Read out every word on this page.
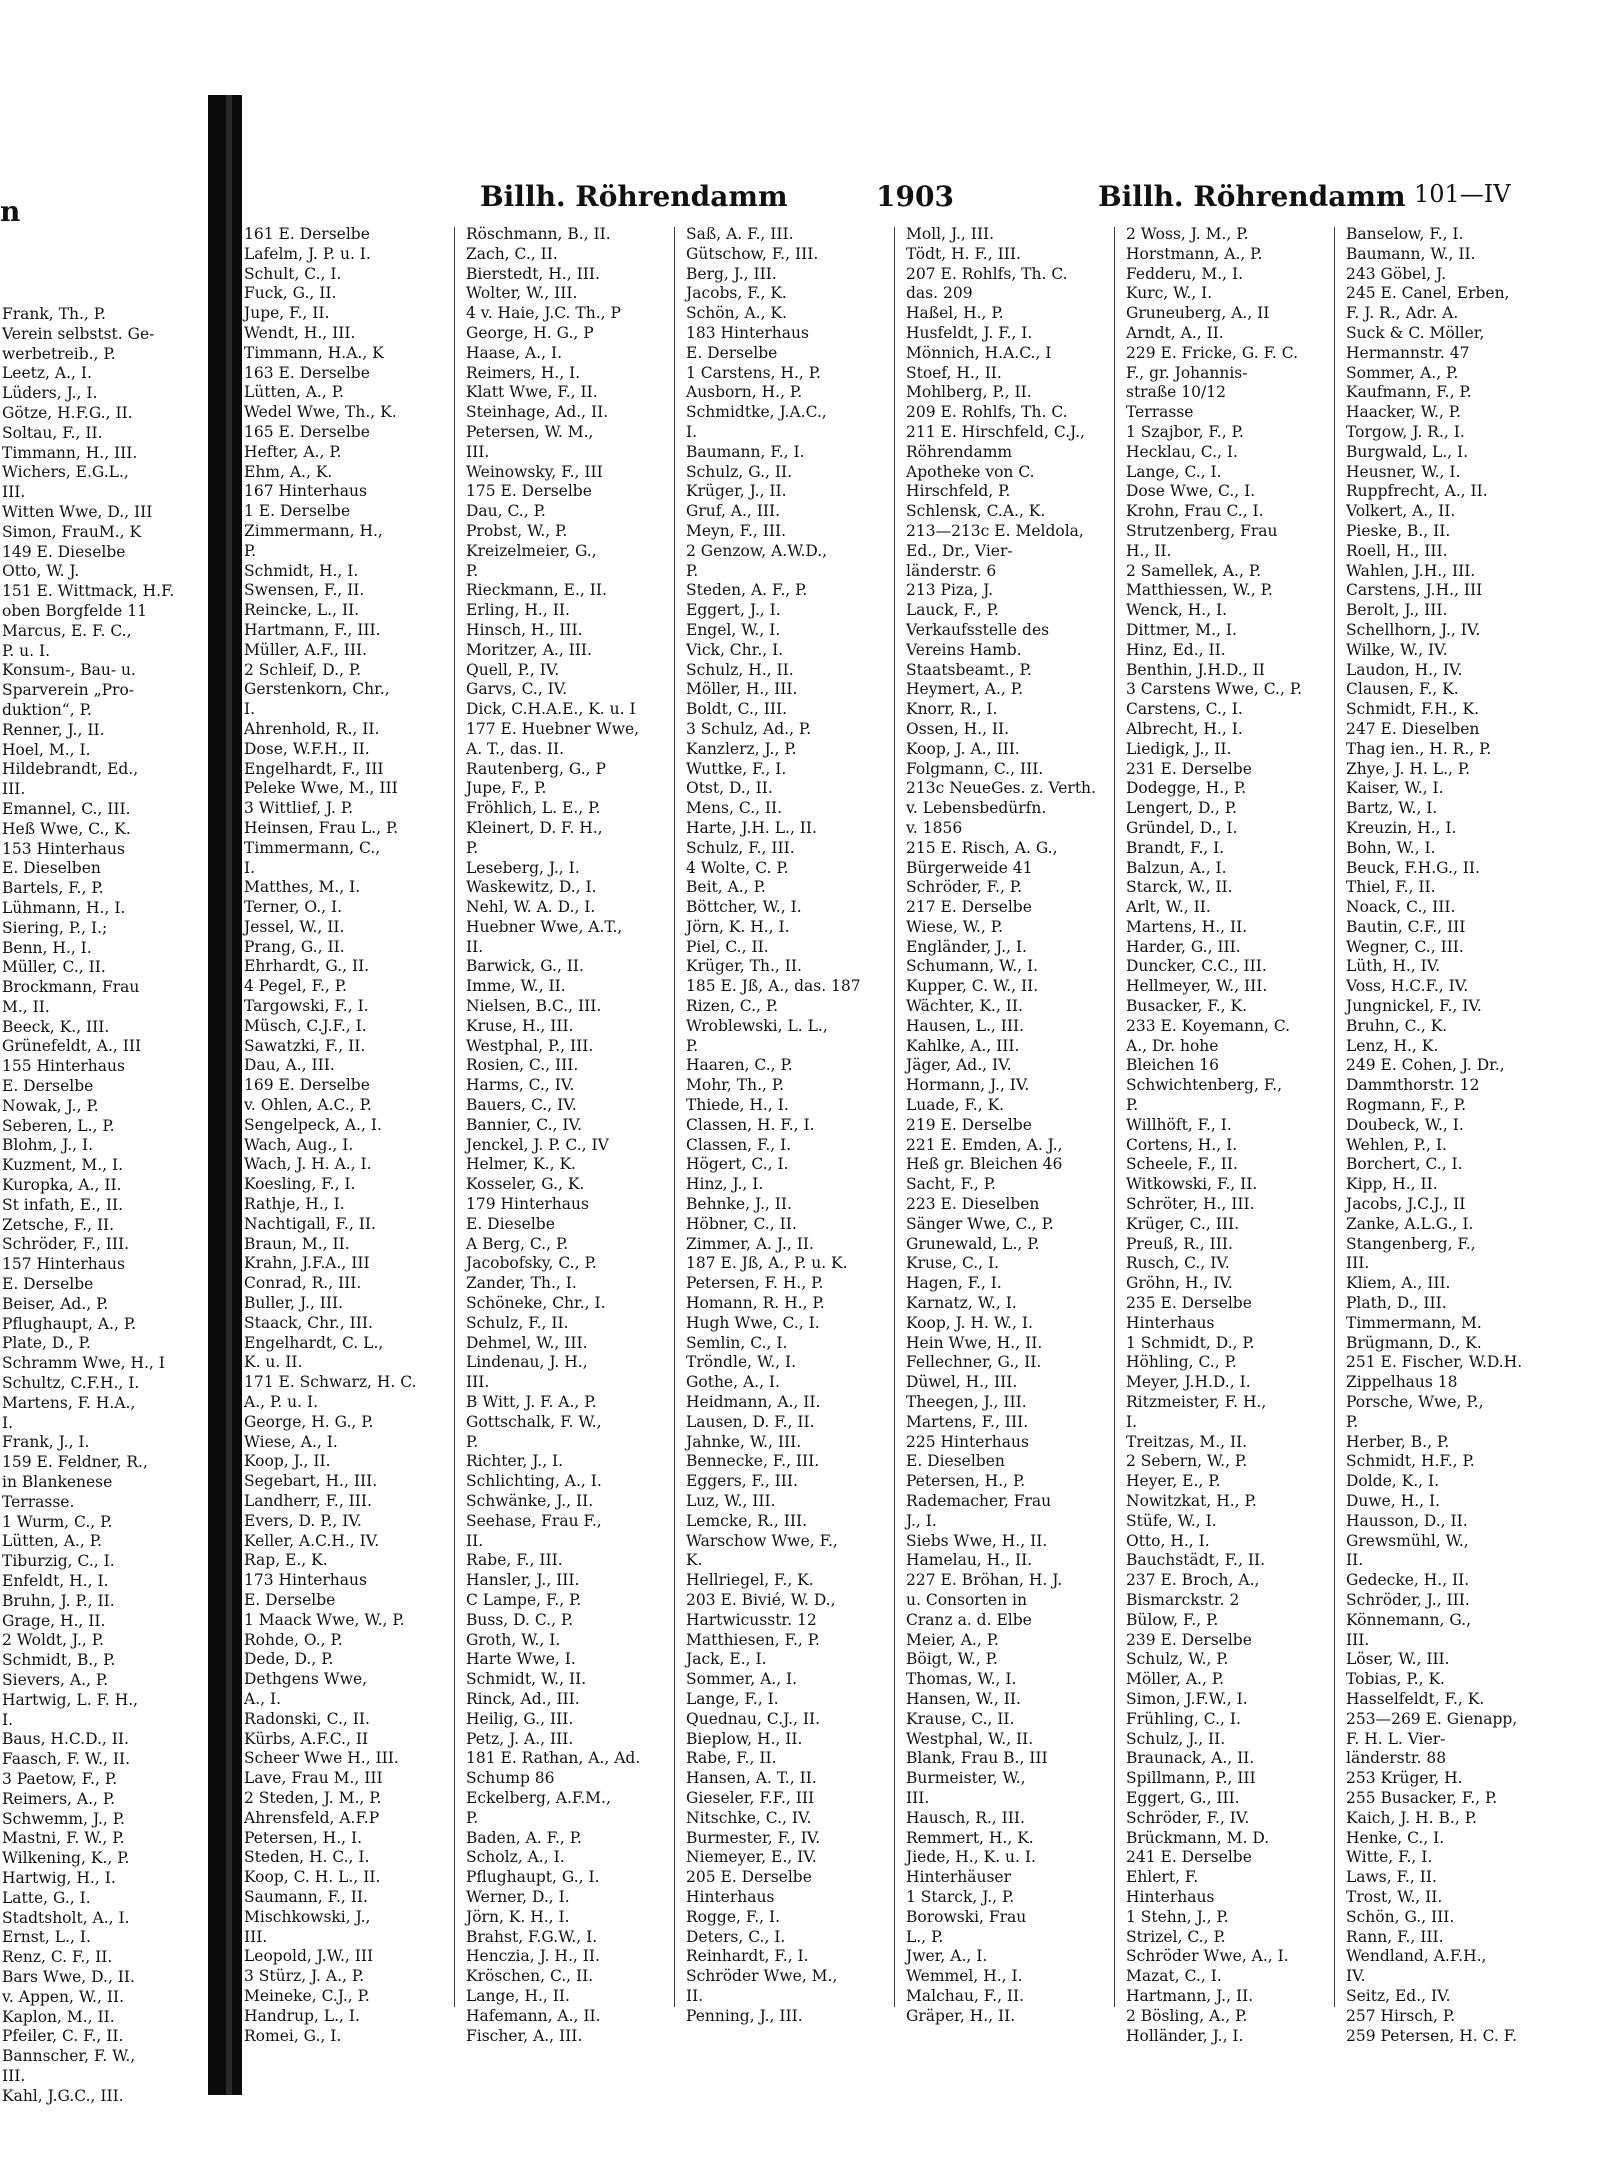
n
Frank, Th., P.
Verein selbstst. Ge-
werbetreib., P.
Leetz, A., I.
Lüders, J., I.
Götze, H.F.G., II.
Soltau, F., II.
Timmann, H., III.
Wichers, E.G.L.,
III.
Witten Wwe, D., III
Simon, FrauM., K
149 E. Dieselbe
Otto, W. J.
151 E. Wittmack, H.F.
oben Borgfelde 11
Marcus, E. F. C.,
P. u. I.
Konsum-, Bau- u.
Sparverein „Pro-
duktion“, P.
Renner, J., II.
Hoel, M., I.
Hildebrandt, Ed.,
III.
Emannel, C., III.
Heß Wwe, C., K.
153 Hinterhaus
E. Dieselben
Bartels, F., P.
Lühmann, H., I.
Siering, P., I.;
Benn, H., I.
Müller, C., II.
Brockmann, Frau
M., II.
Beeck, K., III.
Grünefeldt, A., III
155 Hinterhaus
E. Derselbe
Nowak, J., P.
Seberen, L., P.
Blohm, J., I.
Kuzment, M., I.
Kuropka, A., II.
St infath, E., II.
Zetsche, F., II.
Schröder, F., III.
157 Hinterhaus
E. Derselbe
Beiser, Ad., P.
Pflughaupt, A., P.
Plate, D., P.
Schramm Wwe, H., I
Schultz, C.F.H., I.
Martens, F. H.A.,
I.
Frank, J., I.
159 E. Feldner, R.,
in Blankenese
Terrasse.
1 Wurm, C., P.
Lütten, A., P.
Tiburzig, C., I.
Enfeldt, H., I.
Bruhn, J. P., II.
Grage, H., II.
2 Woldt, J., P.
Schmidt, B., P.
Sievers, A., P.
Hartwig, L. F. H.,
I.
Baus, H.C.D., II.
Faasch, F. W., II.
3 Paetow, F., P.
Reimers, A., P.
Schwemm, J., P.
Mastni, F. W., P.
Wilkening, K., P.
Hartwig, H., I.
Latte, G., I.
Stadtsholt, A., I.
Ernst, L., I.
Renz, C. F., II.
Bars Wwe, D., II.
v. Appen, W., II.
Kaplon, M., II.
Pfeiler, C. F., II.
Bannscher, F. W.,
III.
Kahl, J.G.C., III.
Billh. Röhrendamm	1903	Billh. Röhrendamm 101—IV
161 E. Derselbe
Lafelm, J. P. u. I.
Schult, C., I.
Fuck, G., II.
Jupe, F., II.
Wendt, H., III.
Timmann, H.A., K
163 E. Derselbe
Lütten, A., P.
Wedel Wwe, Th., K.
165 E. Derselbe
Hefter, A., P.
Ehm, A., K.
167 Hinterhaus
1 E. Derselbe
Zimmermann, H.,
P.
Schmidt, H., I.
Swensen, F., II.
Reincke, L., II.
Hartmann, F., III.
Müller, A.F., III.
2 Schleif, D., P.
Gerstenkorn, Chr.,
I.
Ahrenhold, R., II.
Dose, W.F.H., II.
Engelhardt, F., III
Peleke Wwe, M., III
3 Wittlief, J. P.
Heinsen, Frau L., P.
Timmermann, C.,
I.
Matthes, M., I.
Terner, O., I.
Jessel, W., II.
Prang, G., II.
Ehrhardt, G., II.
4 Pegel, F., P.
Targowski, F., I.
Müsch, C.J.F., I.
Sawatzki, F., II.
Dau, A., III.
169 E. Derselbe
v. Ohlen, A.C., P.
Sengelpeck, A., I.
Wach, Aug., I.
Wach, J. H. A., I.
Koesling, F., I.
Rathje, H., I.
Nachtigall, F., II.
Braun, M., II.
Krahn, J.F.A., III
Conrad, R., III.
Buller, J., III.
Staack, Chr., III.
Engelhardt, C. L.,
K. u. II.
171 E. Schwarz, H. C.
A., P. u. I.
George, H. G., P.
Wiese, A., I.
Koop, J., II.
Segebart, H., III.
Landherr, F., III.
Evers, D. P., IV.
Keller, A.C.H., IV.
Rap, E., K.
173 Hinterhaus
E. Derselbe
1 Maack Wwe, W., P.
Rohde, O., P.
Dede, D., P.
Dethgens Wwe,
A., I.
Radonski, C., II.
Kürbs, A.F.C., II
Scheer Wwe H., III.
Lave, Frau M., III
2 Steden, J. M., P.
Ahrensfeld, A.F.P
Petersen, H., I.
Steden, H. C., I.
Koop, C. H. L., II.
Saumann, F., II.
Mischkowski, J.,
III.
Leopold, J.W., III
3 Stürz, J. A., P.
Meineke, C.J., P.
Handrup, L., I.
Romei, G., I.
Röschmann, B., II.
Zach, C., II.
Bierstedt, H., III.
Wolter, W., III.
4 v. Haie, J.C. Th., P
George, H. G., P
Haase, A., I.
Reimers, H., I.
Klatt Wwe, F., II.
Steinhage, Ad., II.
Petersen, W. M.,
III.
Weinowsky, F., III
175 E. Derselbe
Dau, C., P.
Probst, W., P.
Kreizelmeier, G.,
P.
Rieckmann, E., II.
Erling, H., II.
Hinsch, H., III.
Moritzer, A., III.
Quell, P., IV.
Garvs, C., IV.
Dick, C.H.A.E., K. u. I
177 E. Huebner Wwe,
A. T., das. II.
Rautenberg, G., P
Jupe, F., P.
Fröhlich, L. E., P.
Kleinert, D. F. H.,
P.
Leseberg, J., I.
Waskewitz, D., I.
Nehl, W. A. D., I.
Huebner Wwe, A.T.,
II.
Barwick, G., II.
Imme, W., II.
Nielsen, B.C., III.
Kruse, H., III.
Westphal, P., III.
Rosien, C., III.
Harms, C., IV.
Bauers, C., IV.
Bannier, C., IV.
Jenckel, J. P. C., IV
Helmer, K., K.
Kosseler, G., K.
179 Hinterhaus
E. Dieselbe
A Berg, C., P.
Jacobofsky, C., P.
Zander, Th., I.
Schöneke, Chr., I.
Schulz, F., II.
Dehmel, W., III.
Lindenau, J. H.,
III.
B Witt, J. F. A., P.
Gottschalk, F. W.,
P.
Richter, J., I.
Schlichting, A., I.
Schwänke, J., II.
Seehase, Frau F.,
II.
Rabe, F., III.
Hansler, J., III.
C Lampe, F., P.
Buss, D. C., P.
Groth, W., I.
Harte Wwe, I.
Schmidt, W., II.
Rinck, Ad., III.
Heilig, G., III.
Petz, J. A., III.
181 E. Rathan, A., Ad.
Schump 86
Eckelberg, A.F.M.,
P.
Baden, A. F., P.
Scholz, A., I.
Pflughaupt, G., I.
Werner, D., I.
Jörn, K. H., I.
Brahst, F.G.W., I.
Henczia, J. H., II.
Kröschen, C., II.
Lange, H., II.
Hafemann, A., II.
Fischer, A., III.
Saß, A. F., III.
Gütschow, F., III.
Berg, J., III.
Jacobs, F., K.
Schön, A., K.
183 Hinterhaus
E. Derselbe
1 Carstens, H., P.
Ausborn, H., P.
Schmidtke, J.A.C.,
I.
Baumann, F., I.
Schulz, G., II.
Krüger, J., II.
Gruf, A., III.
Meyn, F., III.
2 Genzow, A.W.D.,
P.
Steden, A. F., P.
Eggert, J., I.
Engel, W., I.
Vick, Chr., I.
Schulz, H., II.
Möller, H., III.
Boldt, C., III.
3 Schulz, Ad., P.
Kanzlerz, J., P.
Wuttke, F., I.
Otst, D., II.
Mens, C., II.
Harte, J.H. L., II.
Schulz, F., III.
4 Wolte, C. P.
Beit, A., P.
Böttcher, W., I.
Jörn, K. H., I.
Piel, C., II.
Krüger, Th., II.
185 E. Jß, A., das. 187
Rizen, C., P.
Wroblewski, L. L.,
P.
Haaren, C., P.
Mohr, Th., P.
Thiede, H., I.
Classen, H. F., I.
Classen, F., I.
Högert, C., I.
Hinz, J., I.
Behnke, J., II.
Höbner, C., II.
Zimmer, A. J., II.
187 E. Jß, A., P. u. K.
Petersen, F. H., P.
Homann, R. H., P.
Hugh Wwe, C., I.
Semlin, C., I.
Tröndle, W., I.
Gothe, A., I.
Heidmann, A., II.
Lausen, D. F., II.
Jahnke, W., III.
Bennecke, F., III.
Eggers, F., III.
Luz, W., III.
Lemcke, R., III.
Warschow Wwe, F.,
K.
Hellriegel, F., K.
203 E. Bivié, W. D.,
Hartwicusstr. 12
Matthiesen, F., P.
Jack, E., I.
Sommer, A., I.
Lange, F., I.
Quednau, C.J., II.
Bieplow, H., II.
Rabe, F., II.
Hansen, A. T., II.
Gieseler, F.F., III
Nitschke, C., IV.
Burmester, F., IV.
Niemeyer, E., IV.
205 E. Derselbe
Hinterhaus
Rogge, F., I.
Deters, C., I.
Reinhardt, F., I.
Schröder Wwe, M.,
II.
Penning, J., III.
Moll, J., III.
Tödt, H. F., III.
207 E. Rohlfs, Th. C.
das. 209
Haßel, H., P.
Husfeldt, J. F., I.
Mönnich, H.A.C., I
Stoef, H., II.
Mohlberg, P., II.
209 E. Rohlfs, Th. C.
211 E. Hirschfeld, C.J.,
Röhrendamm
Apotheke von C.
Hirschfeld, P.
Schlensk, C.A., K.
213—213c E. Meldola,
Ed., Dr., Vier-
länderstr. 6
213 Piza, J.
Lauck, F., P.
Verkaufsstelle des
Vereins Hamb.
Staatsbeamt., P.
Heymert, A., P.
Knorr, R., I.
Ossen, H., II.
Koop, J. A., III.
Folgmann, C., III.
213c NeueGes. z. Verth.
v. Lebensbedürfn.
v. 1856
215 E. Risch, A. G.,
Bürgerweide 41
Schröder, F., P.
217 E. Derselbe
Wiese, W., P.
Engländer, J., I.
Schumann, W., I.
Kupper, C. W., II.
Wächter, K., II.
Hausen, L., III.
Kahlke, A., III.
Jäger, Ad., IV.
Hormann, J., IV.
Luade, F., K.
219 E. Derselbe
221 E. Emden, A. J.,
Heß gr. Bleichen 46
Sacht, F., P.
223 E. Dieselben
Sänger Wwe, C., P.
Grunewald, L., P.
Kruse, C., I.
Hagen, F., I.
Karnatz, W., I.
Koop, J. H. W., I.
Hein Wwe, H., II.
Fellechner, G., II.
Düwel, H., III.
Theegen, J., III.
Martens, F., III.
225 Hinterhaus
E. Dieselben
Petersen, H., P.
Rademacher, Frau
J., I.
Siebs Wwe, H., II.
Hamelau, H., II.
227 E. Bröhan, H. J.
u. Consorten in
Cranz a. d. Elbe
Meier, A., P.
Böigt, W., P.
Thomas, W., I.
Hansen, W., II.
Krause, C., II.
Westphal, W., II.
Blank, Frau B., III
Burmeister, W.,
III.
Hausch, R., III.
Remmert, H., K.
Jiede, H., K. u. I.
Hinterhäuser
1 Starck, J., P.
Borowski, Frau
L., P.
Jwer, A., I.
Wemmel, H., I.
Malchau, F., II.
Gräper, H., II.
2 Woss, J. M., P.
Horstmann, A., P.
Fedderu, M., I.
Kurc, W., I.
Gruneuberg, A., II
Arndt, A., II.
229 E. Fricke, G. F. C.
F., gr. Johannis-
straße 10/12
Terrasse
1 Szajbor, F., P.
Hecklau, C., I.
Lange, C., I.
Dose Wwe, C., I.
Krohn, Frau C., I.
Strutzenberg, Frau
H., II.
2 Samellek, A., P.
Matthiessen, W., P.
Wenck, H., I.
Dittmer, M., I.
Hinz, Ed., II.
Benthin, J.H.D., II
3 Carstens Wwe, C., P.
Carstens, C., I.
Albrecht, H., I.
Liedigk, J., II.
231 E. Derselbe
Dodegge, H., P.
Lengert, D., P.
Gründel, D., I.
Brandt, F., I.
Balzun, A., I.
Starck, W., II.
Arlt, W., II.
Martens, H., II.
Harder, G., III.
Duncker, C.C., III.
Hellmeyer, W., III.
Busacker, F., K.
233 E. Koyemann, C.
A., Dr. hohe
Bleichen 16
Schwichtenberg, F.,
P.
Willhöft, F., I.
Cortens, H., I.
Scheele, F., II.
Witkowski, F., II.
Schröter, H., III.
Krüger, C., III.
Preuß, R., III.
Rusch, C., IV.
Gröhn, H., IV.
235 E. Derselbe
Hinterhaus
1 Schmidt, D., P.
Höhling, C., P.
Meyer, J.H.D., I.
Ritzmeister, F. H.,
I.
Treitzas, M., II.
2 Sebern, W., P.
Heyer, E., P.
Nowitzkat, H., P.
Stüfe, W., I.
Otto, H., I.
Bauchstädt, F., II.
237 E. Broch, A.,
Bismarckstr. 2
Bülow, F., P.
239 E. Derselbe
Schulz, W., P.
Möller, A., P.
Simon, J.F.W., I.
Frühling, C., I.
Schulz, J., II.
Braunack, A., II.
Spillmann, P., III
Eggert, G., III.
Schröder, F., IV.
Brückmann, M. D.
241 E. Derselbe
Ehlert, F.
Hinterhaus
1 Stehn, J., P.
Strizel, C., P.
Schröder Wwe, A., I.
Mazat, C., I.
Hartmann, J., II.
2 Bösling, A., P.
Holländer, J., I.
Banselow, F., I.
Baumann, W., II.
243 Göbel, J.
245 E. Canel, Erben,
F. J. R., Adr. A.
Suck & C. Möller,
Hermannstr. 47
Sommer, A., P.
Kaufmann, F., P.
Haacker, W., P.
Torgow, J. R., I.
Burgwald, L., I.
Heusner, W., I.
Ruppfrecht, A., II.
Volkert, A., II.
Pieske, B., II.
Roell, H., III.
Wahlen, J.H., III.
Carstens, J.H., III
Berolt, J., III.
Schellhorn, J., IV.
Wilke, W., IV.
Laudon, H., IV.
Clausen, F., K.
Schmidt, F.H., K.
247 E. Dieselben
Thag ien., H. R., P.
Zhye, J. H. L., P.
Kaiser, W., I.
Bartz, W., I.
Kreuzin, H., I.
Bohn, W., I.
Beuck, F.H.G., II.
Thiel, F., II.
Noack, C., III.
Bautin, C.F., III
Wegner, C., III.
Lüth, H., IV.
Voss, H.C.F., IV.
Jungnickel, F., IV.
Bruhn, C., K.
Lenz, H., K.
249 E. Cohen, J. Dr.,
Dammthorstr. 12
Rogmann, F., P.
Doubeck, W., I.
Wehlen, P., I.
Borchert, C., I.
Kipp, H., II.
Jacobs, J.C.J., II
Zanke, A.L.G., I.
Stangenberg, F.,
III.
Kliem, A., III.
Plath, D., III.
Timmermann, M.
Brügmann, D., K.
251 E. Fischer, W.D.H.
Zippelhaus 18
Porsche, Wwe, P.,
P.
Herber, B., P.
Schmidt, H.F., P.
Dolde, K., I.
Duwe, H., I.
Hausson, D., II.
Grewsmühl, W.,
II.
Gedecke, H., II.
Schröder, J., III.
Könnemann, G.,
III.
Löser, W., III.
Tobias, P., K.
Hasselfeldt, F., K.
253—269 E. Gienapp,
F. H. L. Vier-
länderstr. 88
253 Krüger, H.
255 Busacker, F., P.
Kaich, J. H. B., P.
Henke, C., I.
Witte, F., I.
Laws, F., II.
Trost, W., II.
Schön, G., III.
Rann, F., III.
Wendland, A.F.H.,
IV.
Seitz, Ed., IV.
257 Hirsch, P.
259 Petersen, H. C. F.
